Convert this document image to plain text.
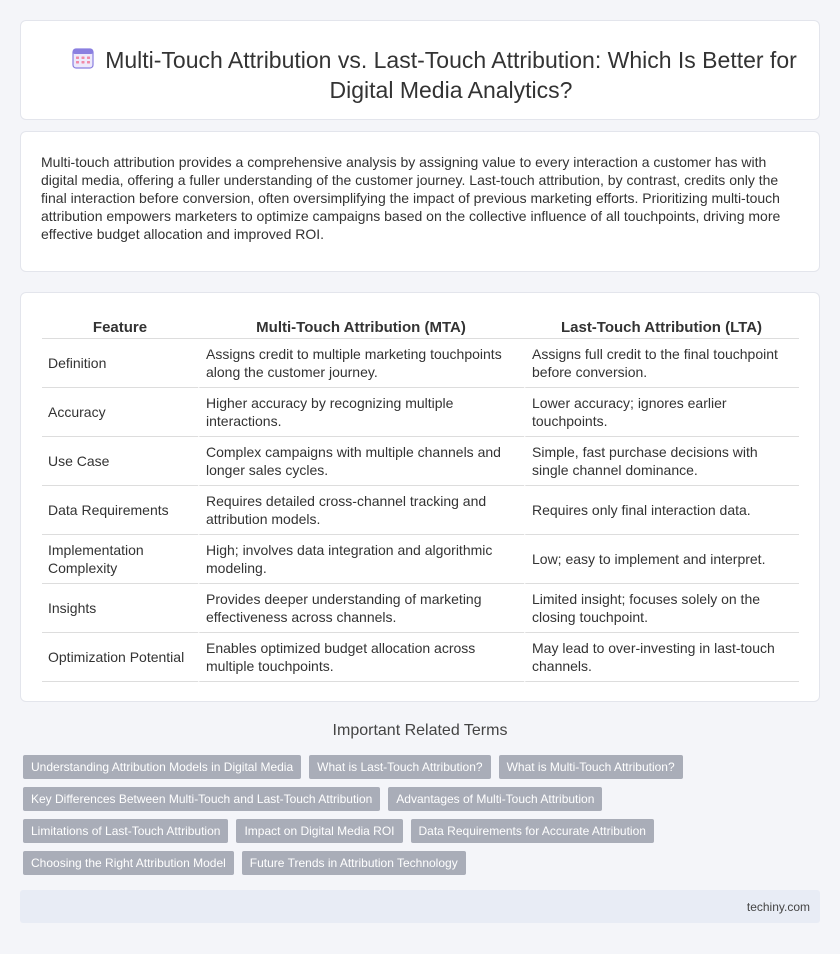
Multi-Touch Attribution vs. Last-Touch Attribution: Which Is Better for Digital Media Analytics?

Multi-touch attribution provides a comprehensive analysis by assigning value to every interaction a customer has with digital media, offering a fuller understanding of the customer journey. Last-touch attribution, by contrast, credits only the final interaction before conversion, often oversimplifying the impact of previous marketing efforts. Prioritizing multi-touch attribution empowers marketers to optimize campaigns based on the collective influence of all touchpoints, driving more effective budget allocation and improved ROI.

Feature	Multi-Touch Attribution (MTA)	Last-Touch Attribution (LTA)
Definition	Assigns credit to multiple marketing touchpoints along the customer journey.	Assigns full credit to the final touchpoint before conversion.
Accuracy	Higher accuracy by recognizing multiple interactions.	Lower accuracy; ignores earlier touchpoints.
Use Case	Complex campaigns with multiple channels and longer sales cycles.	Simple, fast purchase decisions with single channel dominance.
Data Requirements	Requires detailed cross-channel tracking and attribution models.	Requires only final interaction data.
Implementation Complexity	High; involves data integration and algorithmic modeling.	Low; easy to implement and interpret.
Insights	Provides deeper understanding of marketing effectiveness across channels.	Limited insight; focuses solely on the closing touchpoint.
Optimization Potential	Enables optimized budget allocation across multiple touchpoints.	May lead to over-investing in last-touch channels.
Important Related Terms
Understanding Attribution Models in Digital Media	What is Last-Touch Attribution?	What is Multi-Touch Attribution?
Key Differences Between Multi-Touch and Last-Touch Attribution	Advantages of Multi-Touch Attribution
Limitations of Last-Touch Attribution	Impact on Digital Media ROI	Data Requirements for Accurate Attribution
Choosing the Right Attribution Model	Future Trends in Attribution Technology
techiny.com
